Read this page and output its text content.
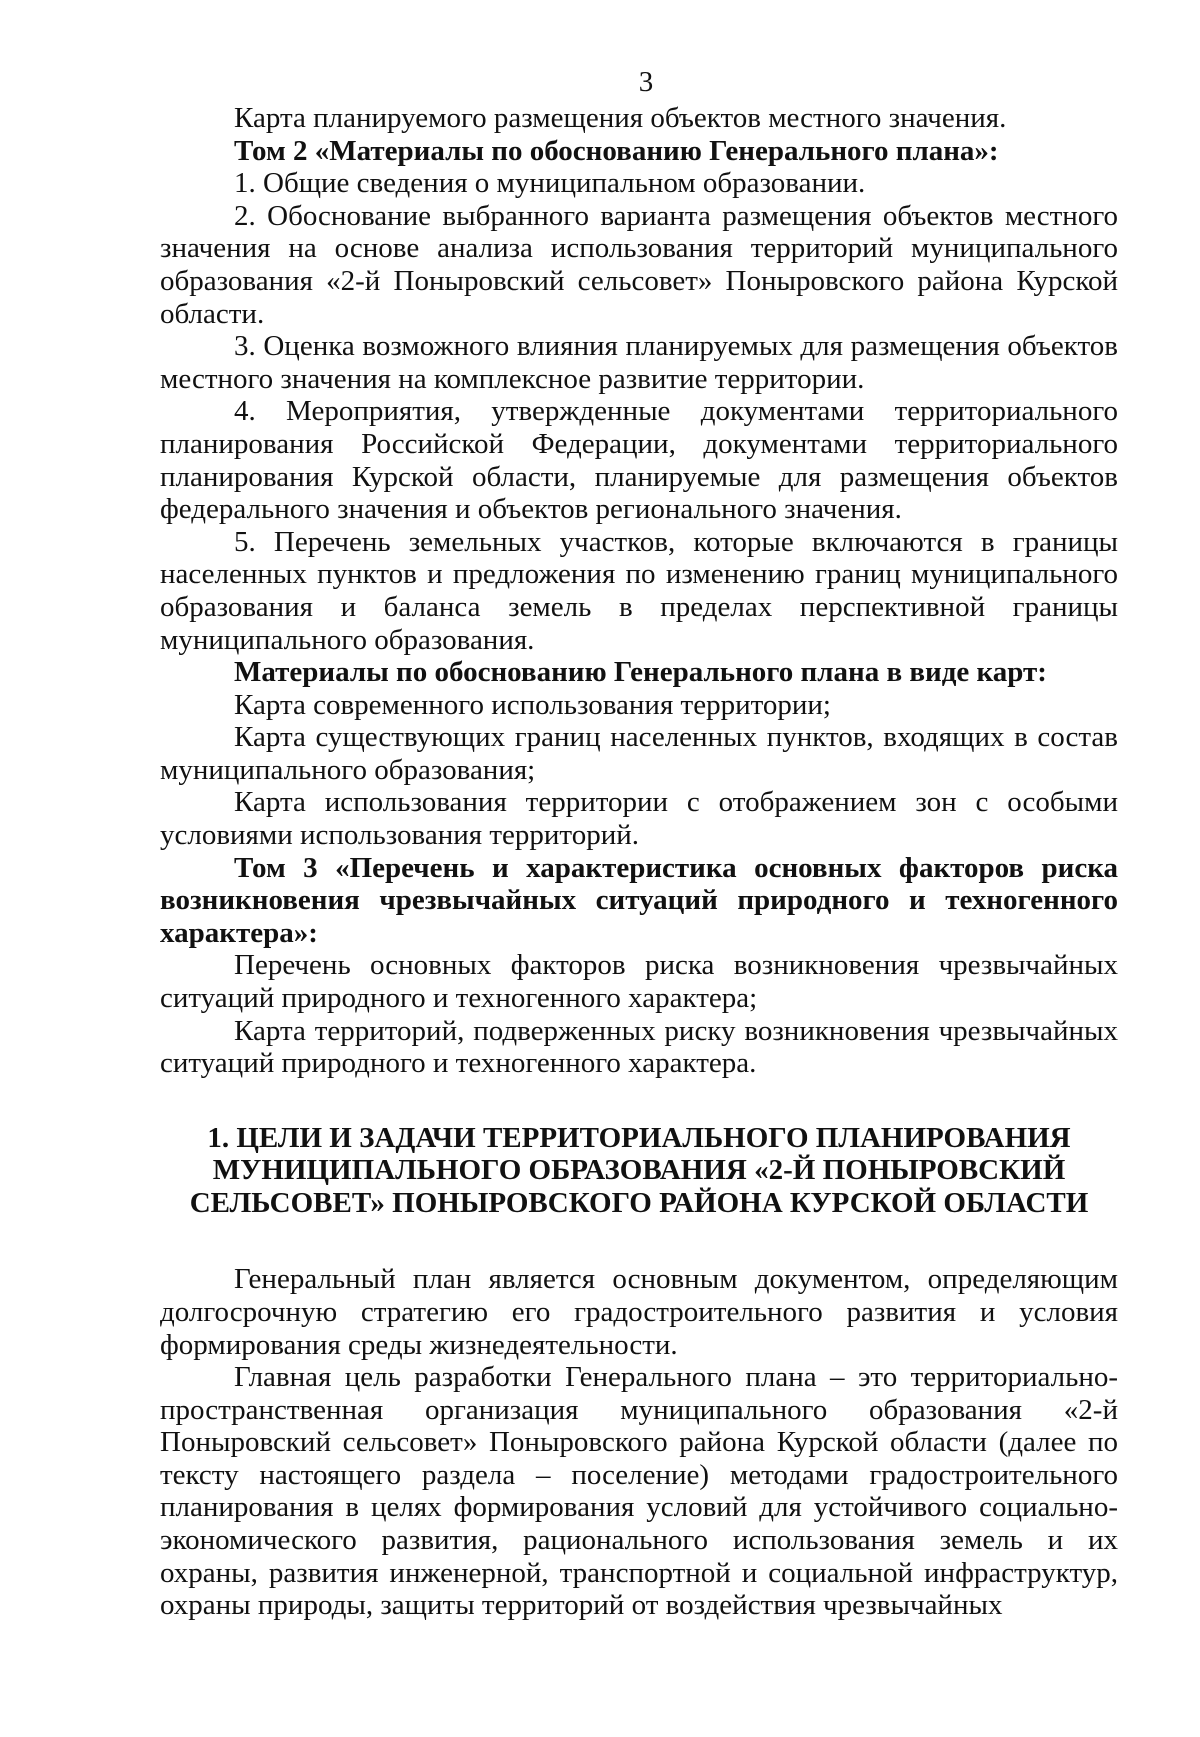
3

Карта планируемого размещения объектов местного значения.

Том 2 «Материалы по обоснованию Генерального плана»:

1. Общие сведения о муниципальном образовании.

2. Обоснование выбранного варианта размещения объектов местного значения на основе анализа использования территорий муниципального образования «2-й Поныровский сельсовет» Поныровского района Курской области.

3. Оценка возможного влияния планируемых для размещения объектов местного значения на комплексное развитие территории.

4. Мероприятия, утвержденные документами территориального планирования Российской Федерации, документами территориального планирования Курской области, планируемые для размещения объектов федерального значения и объектов регионального значения.

5. Перечень земельных участков, которые включаются в границы населенных пунктов и предложения по изменению границ муниципального образования и баланса земель в пределах перспективной границы муниципального образования.

Материалы по обоснованию Генерального плана в виде карт:

Карта современного использования территории;

Карта существующих границ населенных пунктов, входящих в состав муниципального образования;

Карта использования территории с отображением зон с особыми условиями использования территорий.

Том 3 «Перечень и характеристика основных факторов риска возникновения чрезвычайных ситуаций природного и техногенного характера»:

Перечень основных факторов риска возникновения чрезвычайных ситуаций природного и техногенного характера;

Карта территорий, подверженных риску возникновения чрезвычайных ситуаций природного и техногенного характера.

1. ЦЕЛИ И ЗАДАЧИ ТЕРРИТОРИАЛЬНОГО ПЛАНИРОВАНИЯ
МУНИЦИПАЛЬНОГО ОБРАЗОВАНИЯ «2-Й ПОНЫРОВСКИЙ
СЕЛЬСОВЕТ» ПОНЫРОВСКОГО РАЙОНА КУРСКОЙ ОБЛАСТИ

Генеральный план является основным документом, определяющим долгосрочную стратегию его градостроительного развития и условия формирования среды жизнедеятельности.

Главная цель разработки Генерального плана – это территориально-пространственная организация муниципального образования «2-й Поныровский сельсовет» Поныровского района Курской области (далее по тексту настоящего раздела – поселение) методами градостроительного планирования в целях формирования условий для устойчивого социально-экономического развития, рационального использования земель и их охраны, развития инженерной, транспортной и социальной инфраструктур, охраны природы, защиты территорий от воздействия чрезвычайных
